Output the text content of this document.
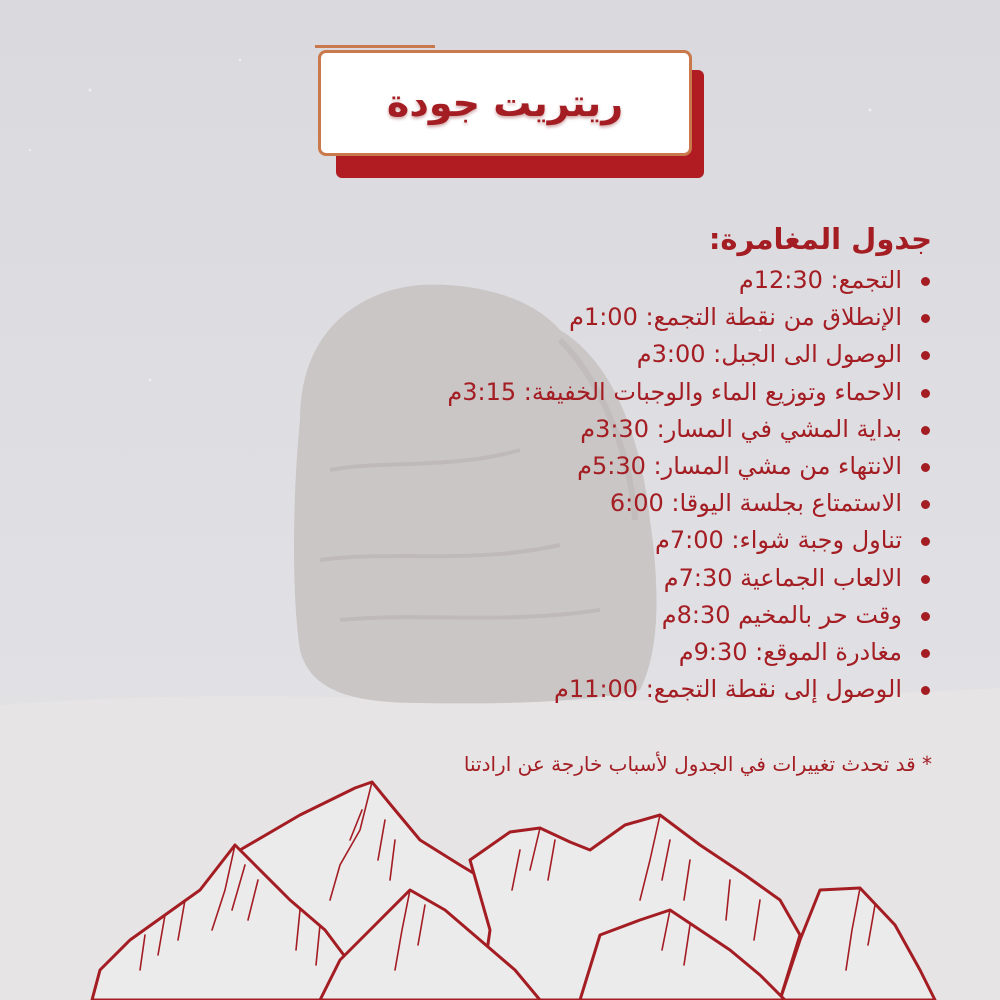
ريتريت جودة
جدول المغامرة:
التجمع: 12:30م
الإنطلاق من نقطة التجمع: 1:00م
الوصول الى الجبل: 3:00م
الاحماء وتوزيع الماء والوجبات الخفيفة: 3:15م
بداية المشي في المسار: 3:30م
الانتهاء من مشي المسار: 5:30م
الاستمتاع بجلسة اليوقا: 6:00
تناول وجبة شواء: 7:00م
الالعاب الجماعية 7:30م
وقت حر بالمخيم 8:30م
مغادرة الموقع: 9:30م
الوصول إلى نقطة التجمع: 11:00م
* قد تحدث تغييرات في الجدول لأسباب خارجة عن ارادتنا
